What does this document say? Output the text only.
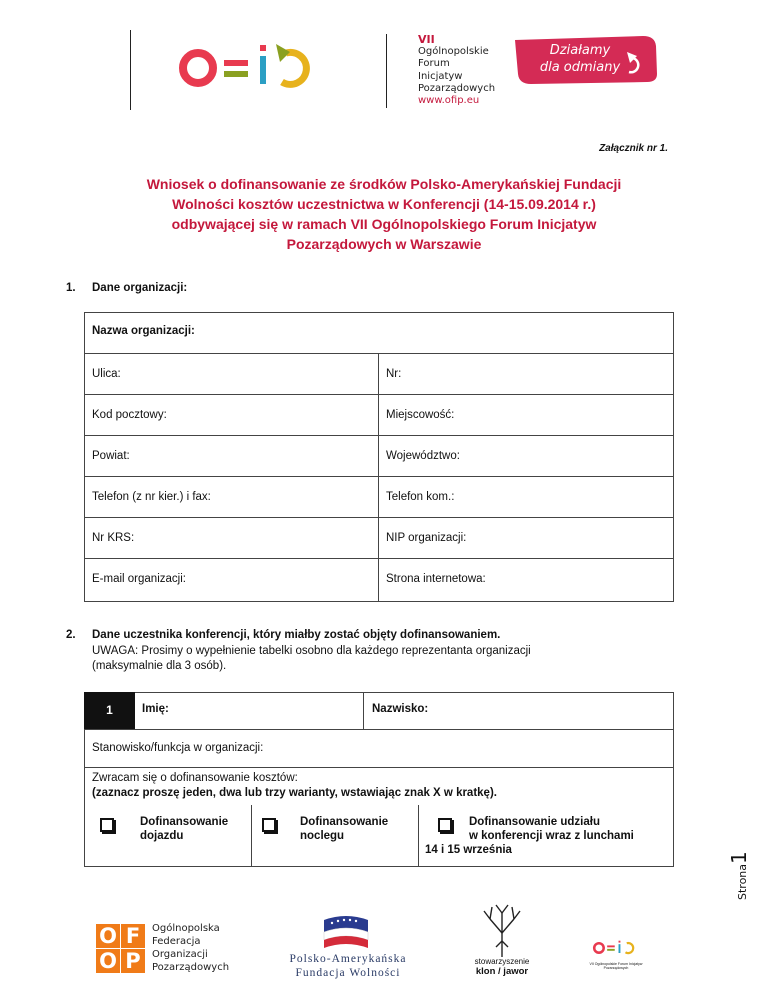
VII
Ogólnopolskie
Forum
Inicjatyw
Pozarządowych
www.ofip.eu
Działamy
dla odmiany
Załącznik nr 1.
Wniosek o dofinansowanie ze środków Polsko-Amerykańskiej Fundacji
Wolności kosztów uczestnictwa w Konferencji (14-15.09.2014 r.)
odbywającej się w ramach VII Ogólnopolskiego Forum Inicjatyw
Pozarządowych w Warszawie
1. Dane organizacji:
Nazwa organizacji:
Ulica:	Nr:
Kod pocztowy:	Miejscowość:
Powiat:	Województwo:
Telefon (z nr kier.) i fax:	Telefon kom.:
Nr KRS:	NIP organizacji:
E-mail organizacji:	Strona internetowa:
2. Dane uczestnika konferencji, który miałby zostać objęty dofinansowaniem.
UWAGA: Prosimy o wypełnienie tabelki osobno dla każdego reprezentanta organizacji
(maksymalnie dla 3 osób).
1	Imię:	Nazwisko:
Stanowisko/funkcja w organizacji:
Zwracam się o dofinansowanie kosztów:
(zaznacz proszę jeden, dwa lub trzy warianty, wstawiając znak X w kratkę).
Dofinansowanie
dojazdu
Dofinansowanie
noclegu
Dofinansowanie udziału
w konferencji wraz z lunchami
14 i 15 września
Strona1
O F
O P
Ogólnopolska
Federacja
Organizacji
Pozarządowych
Polsko-Amerykańska
Fundacja Wolności
stowarzyszenie
klon / jawor
VII Ogólnopolskie Forum Inicjatyw Pozarządowych
